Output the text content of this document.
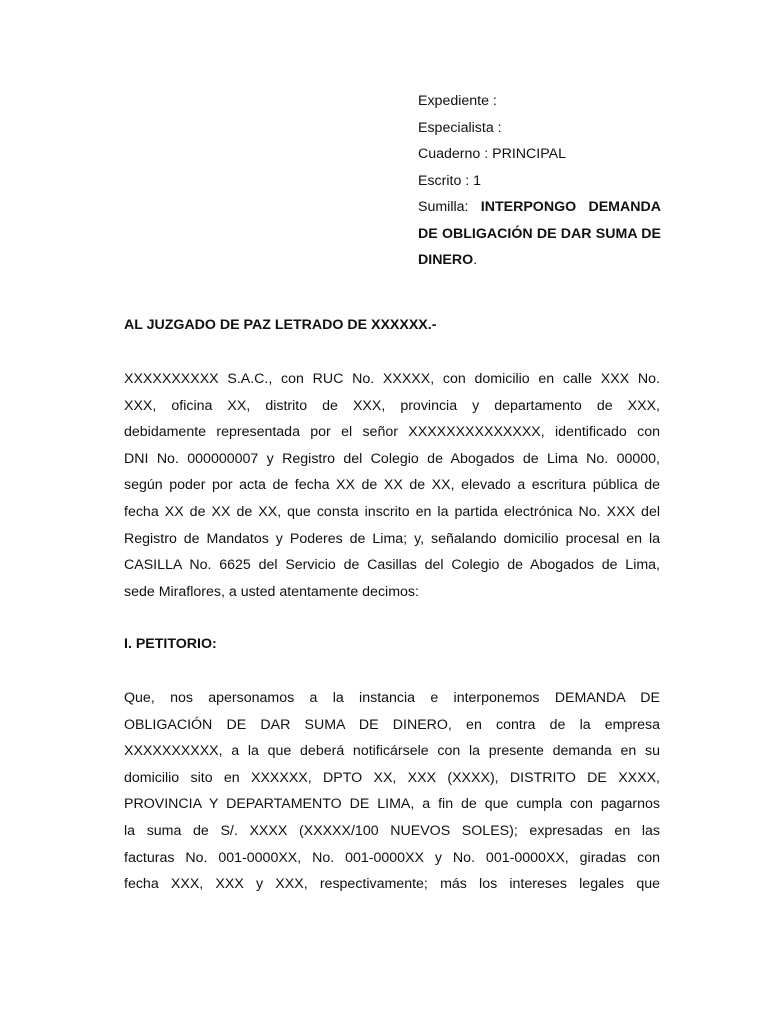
Expediente :
Especialista :
Cuaderno : PRINCIPAL
Escrito : 1
Sumilla: INTERPONGO DEMANDA DE OBLIGACIÓN DE DAR SUMA DE DINERO.
AL JUZGADO DE PAZ LETRADO DE XXXXXX.-
XXXXXXXXXX S.A.C., con RUC No. XXXXX, con domicilio en calle XXX No.
XXX, oficina XX, distrito de XXX, provincia y departamento de XXX,
debidamente representada por el señor XXXXXXXXXXXXXX, identificado con
DNI No. 000000007 y Registro del Colegio de Abogados de Lima No. 00000,
según poder por acta de fecha XX de XX de XX, elevado a escritura pública de
fecha XX de XX de XX, que consta inscrito en la partida electrónica No. XXX del
Registro de Mandatos y Poderes de Lima; y, señalando domicilio procesal en la
CASILLA No. 6625 del Servicio de Casillas del Colegio de Abogados de Lima,
sede Miraflores, a usted atentamente decimos:
I. PETITORIO:
Que, nos apersonamos a la instancia e interponemos DEMANDA DE
OBLIGACIÓN DE DAR SUMA DE DINERO, en contra de la empresa
XXXXXXXXXX, a la que deberá notificársele con la presente demanda en su
domicilio sito en XXXXXX, DPTO XX, XXX (XXXX), DISTRITO DE XXXX,
PROVINCIA Y DEPARTAMENTO DE LIMA, a fin de que cumpla con pagarnos
la suma de S/. XXXX (XXXXX/100 NUEVOS SOLES); expresadas en las
facturas No. 001-0000XX, No. 001-0000XX y No. 001-0000XX, giradas con
fecha XXX, XXX y XXX, respectivamente; más los intereses legales que
